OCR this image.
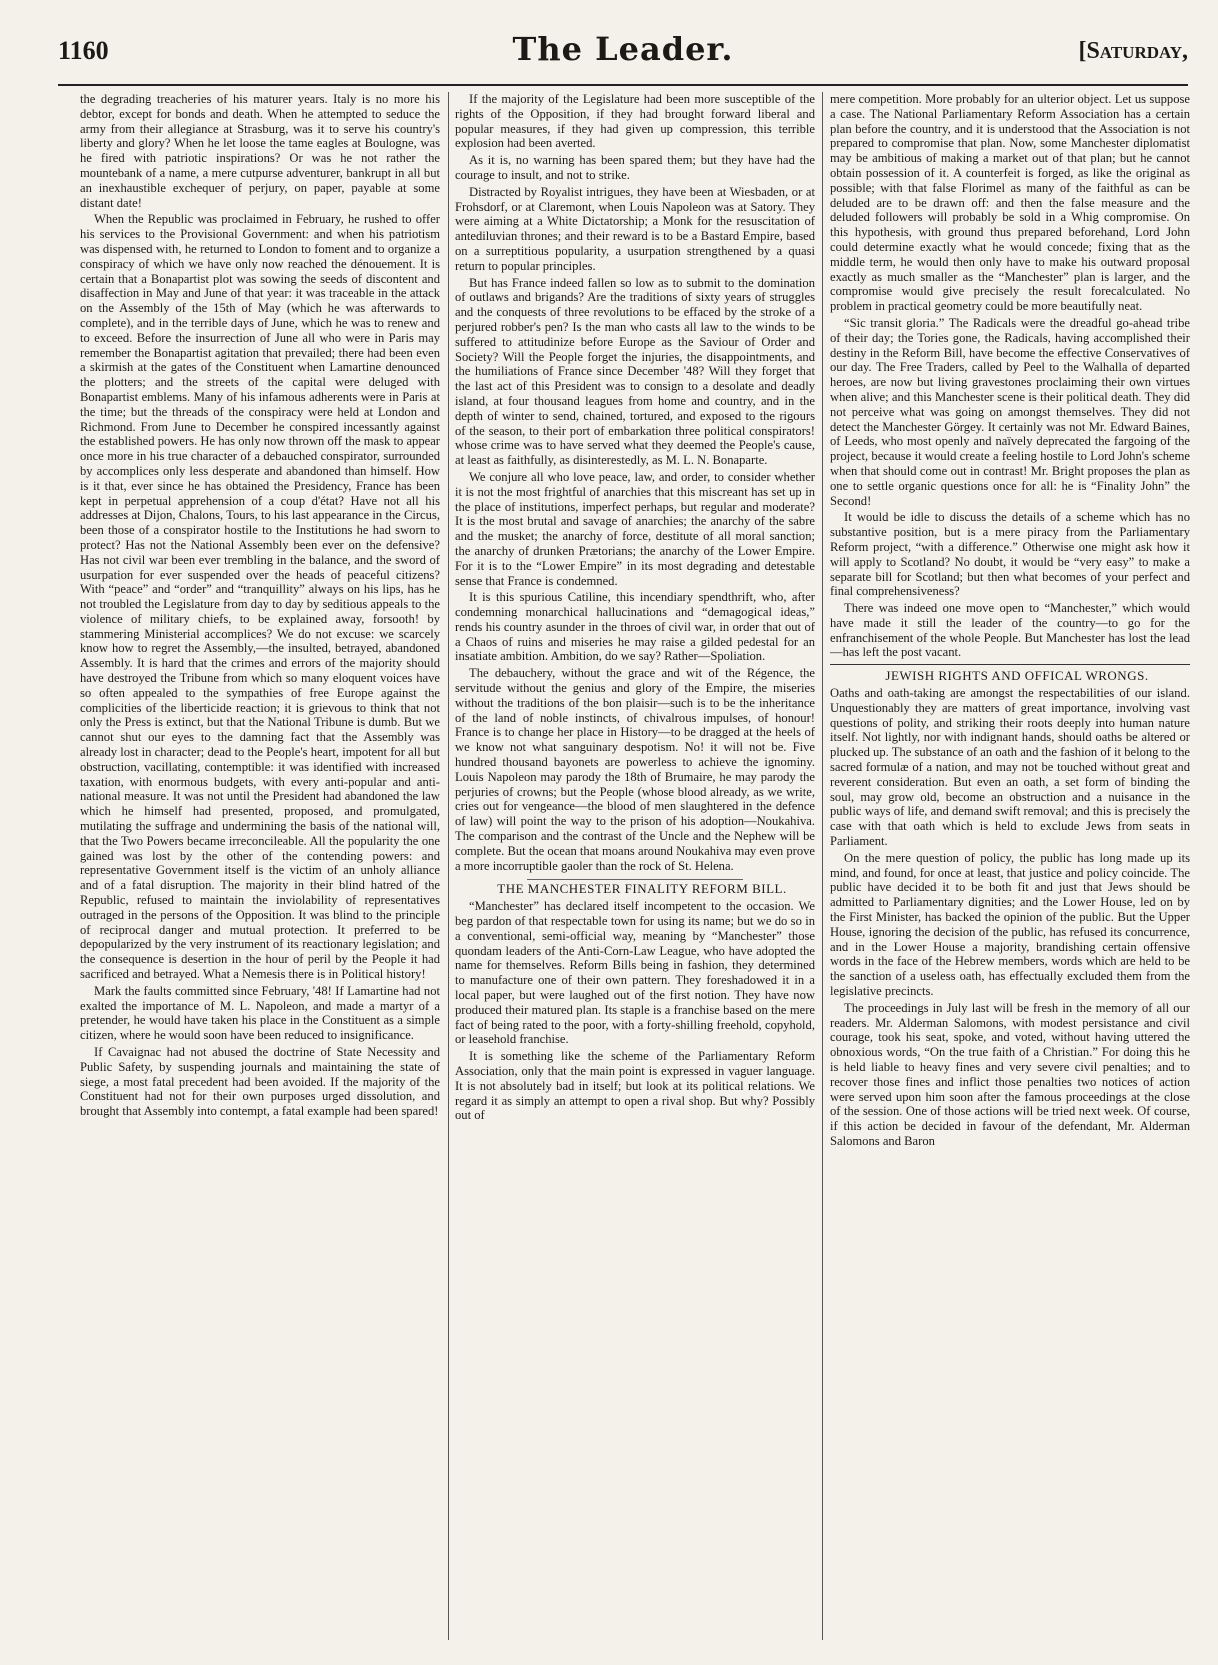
1160	The Leader.	[Saturday,

the degrading treacheries of his maturer years. Italy is no more his debtor, except for bonds and death. When he attempted to seduce the army from their allegiance at Strasburg, was it to serve his country's liberty and glory? When he let loose the tame eagles at Boulogne, was he fired with patriotic inspirations? Or was he not rather the mountebank of a name, a mere cutpurse adventurer, bankrupt in all but an inexhaustible exchequer of perjury, on paper, payable at some distant date!

When the Republic was proclaimed in February, he rushed to offer his services to the Provisional Government: and when his patriotism was dispensed with, he returned to London to foment and to organize a conspiracy of which we have only now reached the dénouement. It is certain that a Bonapartist plot was sowing the seeds of discontent and disaffection in May and June of that year: it was traceable in the attack on the Assembly of the 15th of May (which he was afterwards to complete), and in the terrible days of June, which he was to renew and to exceed. Before the insurrection of June all who were in Paris may remember the Bonapartist agitation that prevailed; there had been even a skirmish at the gates of the Constituent when Lamartine denounced the plotters; and the streets of the capital were deluged with Bonapartist emblems. Many of his infamous adherents were in Paris at the time; but the threads of the conspiracy were held at London and Richmond. From June to December he conspired incessantly against the established powers. He has only now thrown off the mask to appear once more in his true character of a debauched conspirator, surrounded by accomplices only less desperate and abandoned than himself. How is it that, ever since he has obtained the Presidency, France has been kept in perpetual apprehension of a coup d'état? Have not all his addresses at Dijon, Chalons, Tours, to his last appearance in the Circus, been those of a conspirator hostile to the Institutions he had sworn to protect? Has not the National Assembly been ever on the defensive? Has not civil war been ever trembling in the balance, and the sword of usurpation for ever suspended over the heads of peaceful citizens? With “peace” and “order” and “tranquillity” always on his lips, has he not troubled the Legislature from day to day by seditious appeals to the violence of military chiefs, to be explained away, forsooth! by stammering Ministerial accomplices? We do not excuse: we scarcely know how to regret the Assembly,—the insulted, betrayed, abandoned Assembly. It is hard that the crimes and errors of the majority should have destroyed the Tribune from which so many eloquent voices have so often appealed to the sympathies of free Europe against the complicities of the liberticide reaction; it is grievous to think that not only the Press is extinct, but that the National Tribune is dumb. But we cannot shut our eyes to the damning fact that the Assembly was already lost in character; dead to the People's heart, impotent for all but obstruction, vacillating, contemptible: it was identified with increased taxation, with enormous budgets, with every anti-popular and anti-national measure. It was not until the President had abandoned the law which he himself had presented, proposed, and promulgated, mutilating the suffrage and undermining the basis of the national will, that the Two Powers became irreconcileable. All the popularity the one gained was lost by the other of the contending powers: and representative Government itself is the victim of an unholy alliance and of a fatal disruption. The majority in their blind hatred of the Republic, refused to maintain the inviolability of representatives outraged in the persons of the Opposition. It was blind to the principle of reciprocal danger and mutual protection. It preferred to be depopularized by the very instrument of its reactionary legislation; and the consequence is desertion in the hour of peril by the People it had sacrificed and betrayed. What a Nemesis there is in Political history!

Mark the faults committed since February, '48! If Lamartine had not exalted the importance of M. L. Napoleon, and made a martyr of a pretender, he would have taken his place in the Constituent as a simple citizen, where he would soon have been reduced to insignificance.

If Cavaignac had not abused the doctrine of State Necessity and Public Safety, by suspending journals and maintaining the state of siege, a most fatal precedent had been avoided. If the majority of the Constituent had not for their own purposes urged dissolution, and brought that Assembly into contempt, a fatal example had been spared!

If the majority of the Legislature had been more susceptible of the rights of the Opposition, if they had brought forward liberal and popular measures, if they had given up compression, this terrible explosion had been averted.

As it is, no warning has been spared them; but they have had the courage to insult, and not to strike.

Distracted by Royalist intrigues, they have been at Wiesbaden, or at Frohsdorf, or at Claremont, when Louis Napoleon was at Satory. They were aiming at a White Dictatorship; a Monk for the resuscitation of antediluvian thrones; and their reward is to be a Bastard Empire, based on a surreptitious popularity, a usurpation strengthened by a quasi return to popular principles.

But has France indeed fallen so low as to submit to the domination of outlaws and brigands? Are the traditions of sixty years of struggles and the conquests of three revolutions to be effaced by the stroke of a perjured robber's pen? Is the man who casts all law to the winds to be suffered to attitudinize before Europe as the Saviour of Order and Society? Will the People forget the injuries, the disappointments, and the humiliations of France since December '48? Will they forget that the last act of this President was to consign to a desolate and deadly island, at four thousand leagues from home and country, and in the depth of winter to send, chained, tortured, and exposed to the rigours of the season, to their port of embarkation three political conspirators! whose crime was to have served what they deemed the People's cause, at least as faithfully, as disinterestedly, as M. L. N. Bonaparte.

We conjure all who love peace, law, and order, to consider whether it is not the most frightful of anarchies that this miscreant has set up in the place of institutions, imperfect perhaps, but regular and moderate? It is the most brutal and savage of anarchies; the anarchy of the sabre and the musket; the anarchy of force, destitute of all moral sanction; the anarchy of drunken Prætorians; the anarchy of the Lower Empire. For it is to the “Lower Empire” in its most degrading and detestable sense that France is condemned.

It is this spurious Catiline, this incendiary spendthrift, who, after condemning monarchical hallucinations and “demagogical ideas,” rends his country asunder in the throes of civil war, in order that out of a Chaos of ruins and miseries he may raise a gilded pedestal for an insatiate ambition. Ambition, do we say? Rather—Spoliation.

The debauchery, without the grace and wit of the Régence, the servitude without the genius and glory of the Empire, the miseries without the traditions of the bon plaisir—such is to be the inheritance of the land of noble instincts, of chivalrous impulses, of honour! France is to change her place in History—to be dragged at the heels of we know not what sanguinary despotism. No! it will not be. Five hundred thousand bayonets are powerless to achieve the ignominy. Louis Napoleon may parody the 18th of Brumaire, he may parody the perjuries of crowns; but the People (whose blood already, as we write, cries out for vengeance—the blood of men slaughtered in the defence of law) will point the way to the prison of his adoption—Noukahiva. The comparison and the contrast of the Uncle and the Nephew will be complete. But the ocean that moans around Noukahiva may even prove a more incorruptible gaoler than the rock of St. Helena.

THE MANCHESTER FINALITY REFORM BILL.

“Manchester” has declared itself incompetent to the occasion. We beg pardon of that respectable town for using its name; but we do so in a conventional, semi-official way, meaning by “Manchester” those quondam leaders of the Anti-Corn-Law League, who have adopted the name for themselves. Reform Bills being in fashion, they determined to manufacture one of their own pattern. They foreshadowed it in a local paper, but were laughed out of the first notion. They have now produced their matured plan. Its staple is a franchise based on the mere fact of being rated to the poor, with a forty-shilling freehold, copyhold, or leasehold franchise.

It is something like the scheme of the Parliamentary Reform Association, only that the main point is expressed in vaguer language. It is not absolutely bad in itself; but look at its political relations. We regard it as simply an attempt to open a rival shop. But why? Possibly out of

mere competition. More probably for an ulterior object. Let us suppose a case. The National Parliamentary Reform Association has a certain plan before the country, and it is understood that the Association is not prepared to compromise that plan. Now, some Manchester diplomatist may be ambitious of making a market out of that plan; but he cannot obtain possession of it. A counterfeit is forged, as like the original as possible; with that false Florimel as many of the faithful as can be deluded are to be drawn off: and then the false measure and the deluded followers will probably be sold in a Whig compromise. On this hypothesis, with ground thus prepared beforehand, Lord John could determine exactly what he would concede; fixing that as the middle term, he would then only have to make his outward proposal exactly as much smaller as the “Manchester” plan is larger, and the compromise would give precisely the result forecalculated. No problem in practical geometry could be more beautifully neat.

“Sic transit gloria.” The Radicals were the dreadful go-ahead tribe of their day; the Tories gone, the Radicals, having accomplished their destiny in the Reform Bill, have become the effective Conservatives of our day. The Free Traders, called by Peel to the Walhalla of departed heroes, are now but living gravestones proclaiming their own virtues when alive; and this Manchester scene is their political death. They did not perceive what was going on amongst themselves. They did not detect the Manchester Görgey. It certainly was not Mr. Edward Baines, of Leeds, who most openly and naïvely deprecated the fargoing of the project, because it would create a feeling hostile to Lord John's scheme when that should come out in contrast! Mr. Bright proposes the plan as one to settle organic questions once for all: he is “Finality John” the Second!

It would be idle to discuss the details of a scheme which has no substantive position, but is a mere piracy from the Parliamentary Reform project, “with a difference.” Otherwise one might ask how it will apply to Scotland? No doubt, it would be “very easy” to make a separate bill for Scotland; but then what becomes of your perfect and final comprehensiveness?

There was indeed one move open to “Manchester,” which would have made it still the leader of the country—to go for the enfranchisement of the whole People. But Manchester has lost the lead—has left the post vacant.

JEWISH RIGHTS AND OFFICAL WRONGS.

Oaths and oath-taking are amongst the respectabilities of our island. Unquestionably they are matters of great importance, involving vast questions of polity, and striking their roots deeply into human nature itself. Not lightly, nor with indignant hands, should oaths be altered or plucked up. The substance of an oath and the fashion of it belong to the sacred formulæ of a nation, and may not be touched without great and reverent consideration. But even an oath, a set form of binding the soul, may grow old, become an obstruction and a nuisance in the public ways of life, and demand swift removal; and this is precisely the case with that oath which is held to exclude Jews from seats in Parliament.

On the mere question of policy, the public has long made up its mind, and found, for once at least, that justice and policy coincide. The public have decided it to be both fit and just that Jews should be admitted to Parliamentary dignities; and the Lower House, led on by the First Minister, has backed the opinion of the public. But the Upper House, ignoring the decision of the public, has refused its concurrence, and in the Lower House a majority, brandishing certain offensive words in the face of the Hebrew members, words which are held to be the sanction of a useless oath, has effectually excluded them from the legislative precincts.

The proceedings in July last will be fresh in the memory of all our readers. Mr. Alderman Salomons, with modest persistance and civil courage, took his seat, spoke, and voted, without having uttered the obnoxious words, “On the true faith of a Christian.” For doing this he is held liable to heavy fines and very severe civil penalties; and to recover those fines and inflict those penalties two notices of action were served upon him soon after the famous proceedings at the close of the session. One of those actions will be tried next week. Of course, if this action be decided in favour of the defendant, Mr. Alderman Salomons and Baron
